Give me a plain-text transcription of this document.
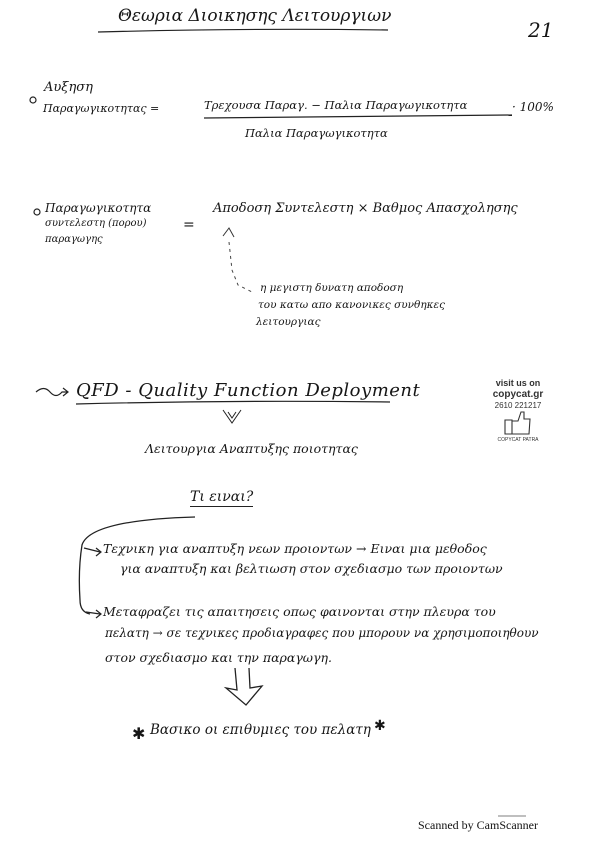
Θεωρια Διοικησης Λειτουργιων
21
Αυξηση
Παραγωγικοτητας =	Τρεχουσα Παραγ. − Παλια Παραγωγικοτητα
Παλια Παραγωγικοτητα
· 100%
Παραγωγικοτητα
συντελεστη (πορου)
παραγωγης
=
Αποδοση Συντελεστη × Βαθμος Απασχολησης
η μεγιστη δυνατη αποδοση
του κατω απο κανονικες συνθηκες
λειτουργιας
QFD - Quality Function Deployment
Λειτουργια Αναπτυξης ποιοτητας
Τι ειναι?
Τεχνικη για αναπτυξη νεων προιοντων → Ειναι μια μεθοδος
για αναπτυξη και βελτιωση στον σχεδιασμο των προιοντων
Μεταφραζει τις απαιτησεις οπως φαινονται στην πλευρα του
πελατη → σε τεχνικες προδιαγραφες που μπορουν να χρησιμοποιηθουν
στον σχεδιασμο και την παραγωγη.
✱ Βασικο οι επιθυμιες του πελατη ✱
visit us on
copycat.gr
2610 221217
COPYCAT PATRA
Scanned by CamScanner
